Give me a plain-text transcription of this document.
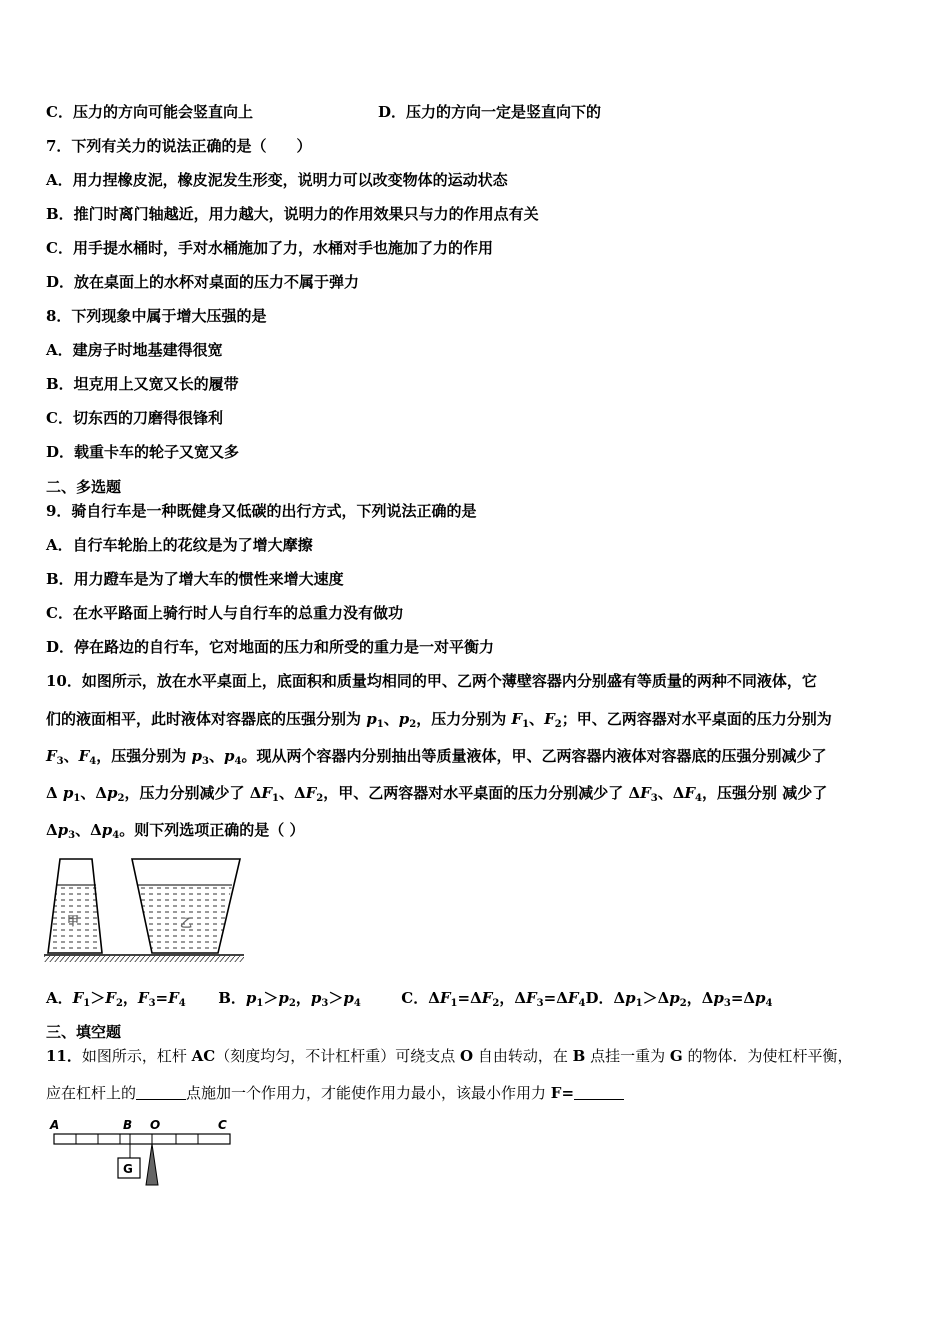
C．压力的方向可能会竖直向上	D．压力的方向一定是竖直向下的
7．下列有关力的说法正确的是（　　）
A．用力捏橡皮泥，橡皮泥发生形变，说明力可以改变物体的运动状态
B．推门时离门轴越近，用力越大，说明力的作用效果只与力的作用点有关
C．用手提水桶时，手对水桶施加了力，水桶对手也施加了力的作用
D．放在桌面上的水杯对桌面的压力不属于弹力
8．下列现象中属于增大压强的是
A．建房子时地基建得很宽
B．坦克用上又宽又长的履带
C．切东西的刀磨得很锋利
D．载重卡车的轮子又宽又多
二、多选题
9．骑自行车是一种既健身又低碳的出行方式，下列说法正确的是
A．自行车轮胎上的花纹是为了增大摩擦
B．用力蹬车是为了增大车的惯性来增大速度
C．在水平路面上骑行时人与自行车的总重力没有做功
D．停在路边的自行车，它对地面的压力和所受的重力是一对平衡力
10．如图所示，放在水平桌面上，底面积和质量均相同的甲、乙两个薄壁容器内分别盛有等质量的两种不同液体，它
们的液面相平，此时液体对容器底的压强分别为 $p_1$、$p_2$，压力分别为 $F_1$、$F_2$；甲、乙两容器对水平桌面的压力分别为
$F_3$、$F_4$，压强分别为 $p_3$、$p_4$。现从两个容器内分别抽出等质量液体，甲、乙两容器内液体对容器底的压强分别减少了
Δ $p_1$、$\Delta p_2$，压力分别减少了 $\Delta F_1$、$\Delta F_2$，甲、乙两容器对水平桌面的压力分别减少了 $\Delta F_3$、$\Delta F_4$，压强分别 减少了
$\Delta p_3$、$\Delta p_4$。则下列选项正确的是（ ）
甲	乙
A．$F_1>F_2$，$F_3=F_4$ B．$p_1>p_2$，$p_3>p_4$	C．$\Delta F_1=\Delta F_2$，$\Delta F_3=\Delta F_4D$．$\Delta p_1>\Delta p_2$，$\Delta p_3=\Delta p_4$
三、填空题
11．如图所示，杠杆 AC（刻度均匀，不计杠杆重）可绕支点 O 自由转动，在 B 点挂一重为 G 的物体．为使杠杆平衡，
应在杠杆上的	点施加一个作用力，才能使作用力最小，该最小作用力 F=
A	B O	C
G
